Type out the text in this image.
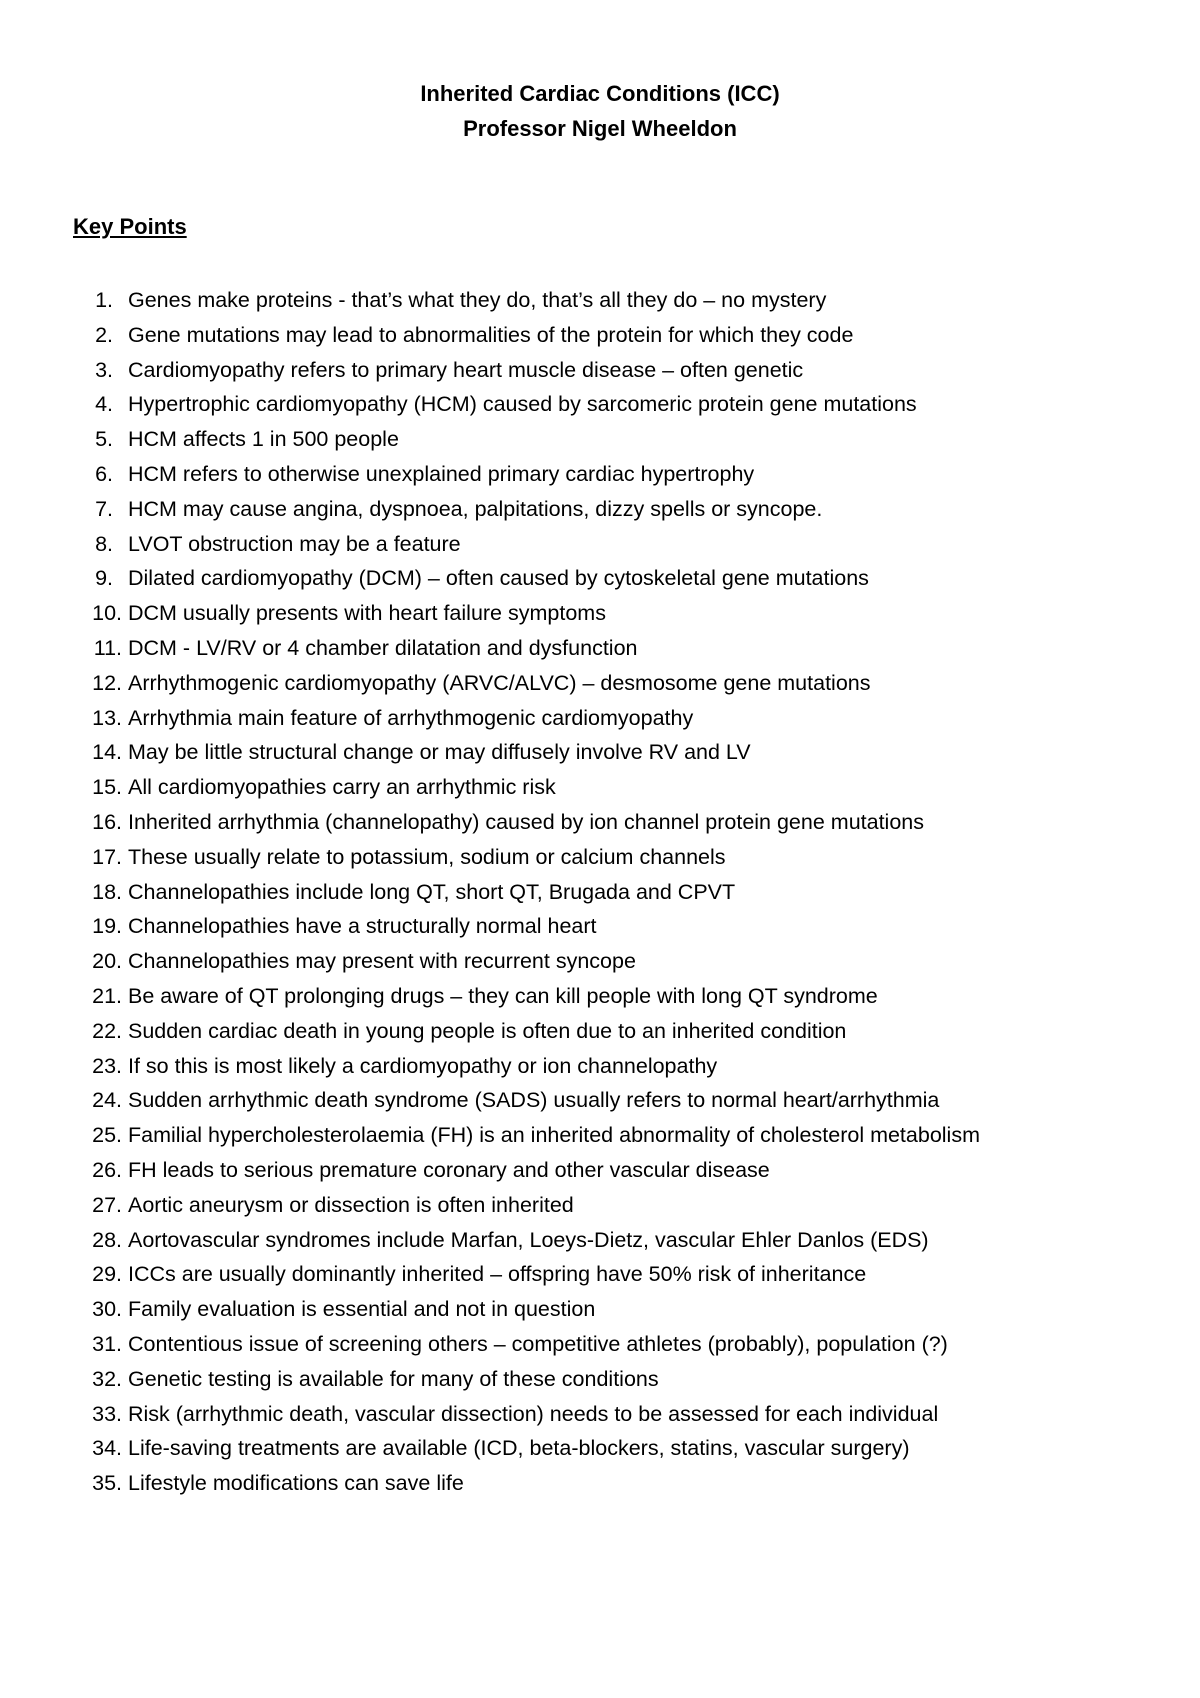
Inherited Cardiac Conditions (ICC)
Professor Nigel Wheeldon
Key Points
1. Genes make proteins - that’s what they do, that’s all they do – no mystery
2. Gene mutations may lead to abnormalities of the protein for which they code
3. Cardiomyopathy refers to primary heart muscle disease – often genetic
4. Hypertrophic cardiomyopathy (HCM) caused by sarcomeric protein gene mutations
5. HCM affects 1 in 500 people
6. HCM refers to otherwise unexplained primary cardiac hypertrophy
7. HCM may cause angina, dyspnoea, palpitations, dizzy spells or syncope.
8. LVOT obstruction may be a feature
9. Dilated cardiomyopathy (DCM) – often caused by cytoskeletal gene mutations
10. DCM usually presents with heart failure symptoms
11. DCM - LV/RV or 4 chamber dilatation and dysfunction
12. Arrhythmogenic cardiomyopathy (ARVC/ALVC) – desmosome gene mutations
13. Arrhythmia main feature of arrhythmogenic cardiomyopathy
14. May be little structural change or may diffusely involve RV and LV
15. All cardiomyopathies carry an arrhythmic risk
16. Inherited arrhythmia (channelopathy) caused by ion channel protein gene mutations
17. These usually relate to potassium, sodium or calcium channels
18. Channelopathies include long QT, short QT, Brugada and CPVT
19. Channelopathies have a structurally normal heart
20. Channelopathies may present with recurrent syncope
21. Be aware of QT prolonging drugs – they can kill people with long QT syndrome
22. Sudden cardiac death in young people is often due to an inherited condition
23. If so this is most likely a cardiomyopathy or ion channelopathy
24. Sudden arrhythmic death syndrome (SADS) usually refers to normal heart/arrhythmia
25. Familial hypercholesterolaemia (FH) is an inherited abnormality of cholesterol metabolism
26. FH leads to serious premature coronary and other vascular disease
27. Aortic aneurysm or dissection is often inherited
28. Aortovascular syndromes include Marfan, Loeys-Dietz, vascular Ehler Danlos (EDS)
29. ICCs are usually dominantly inherited – offspring have 50% risk of inheritance
30. Family evaluation is essential and not in question
31. Contentious issue of screening others – competitive athletes (probably), population (?)
32. Genetic testing is available for many of these conditions
33. Risk (arrhythmic death, vascular dissection) needs to be assessed for each individual
34. Life-saving treatments are available (ICD, beta-blockers, statins, vascular surgery)
35. Lifestyle modifications can save life
